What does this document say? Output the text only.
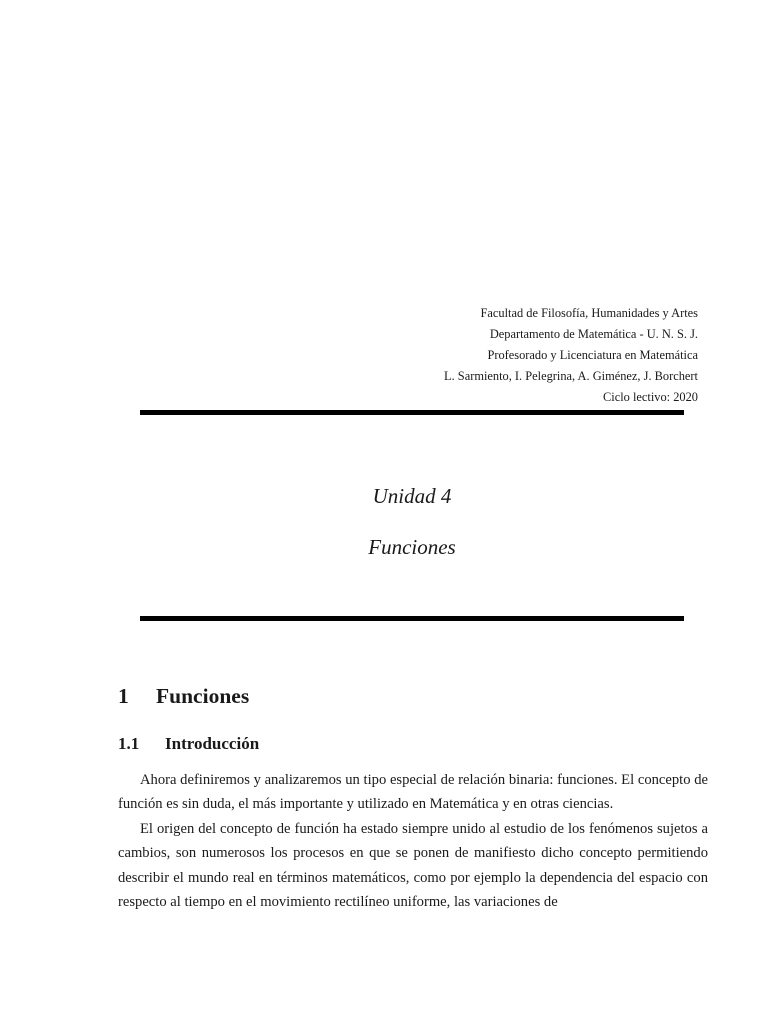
Facultad de Filosofía, Humanidades y Artes
Departamento de Matemática - U. N. S. J.
Profesorado y Licenciatura en Matemática
L. Sarmiento, I. Pelegrina, A. Giménez, J. Borchert
Ciclo lectivo: 2020
Unidad 4
Funciones
1 Funciones
1.1 Introducción

Ahora definiremos y analizaremos un tipo especial de relación binaria: funciones. El concepto de función es sin duda, el más importante y utilizado en Matemática y en otras ciencias.

El origen del concepto de función ha estado siempre unido al estudio de los fenómenos sujetos a cambios, son numerosos los procesos en que se ponen de manifiesto dicho concepto permitiendo describir el mundo real en términos matemáticos, como por ejemplo la dependencia del espacio con respecto al tiempo en el movimiento rectilíneo uniforme, las variaciones de
